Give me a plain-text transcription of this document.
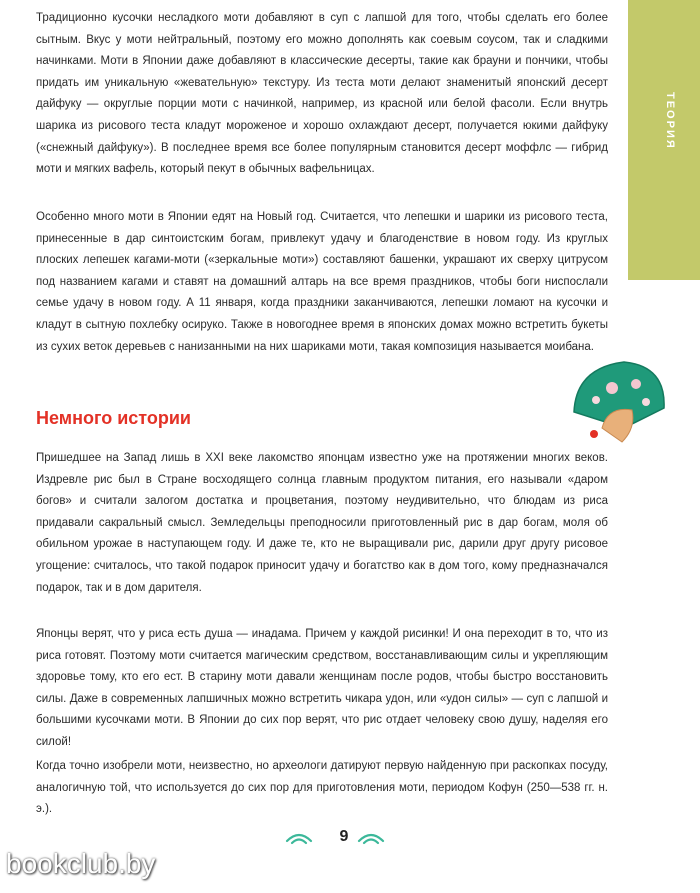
ТЕОРИЯ

Традиционно кусочки несладкого моти добавляют в суп с лапшой для того, чтобы сделать его более сытным. Вкус у моти нейтральный, поэтому его можно дополнять как соевым соусом, так и сладкими начинками. Моти в Японии даже добавляют в классические десерты, такие как брауни и пончики, чтобы придать им уникальную «жевательную» текстуру. Из теста моти делают знаменитый японский десерт дайфуку — округлые порции моти с начинкой, например, из красной или белой фасоли. Если внутрь шарика из рисового теста кладут мороженое и хорошо охлаждают десерт, получается юкими дайфуку («снежный дайфуку»). В последнее время все более популярным становится десерт моффлс — гибрид моти и мягких вафель, который пекут в обычных вафельницах.

Особенно много моти в Японии едят на Новый год. Считается, что лепешки и шарики из рисового теста, принесенные в дар синтоистским богам, привлекут удачу и благоденствие в новом году. Из круглых плоских лепешек кагами-моти («зеркальные моти») составляют башенки, украшают их сверху цитрусом под названием кагами и ставят на домашний алтарь на все время праздников, чтобы боги ниспослали семье удачу в новом году. А 11 января, когда праздники заканчиваются, лепешки ломают на кусочки и кладут в сытную похлебку осируко. Также в новогоднее время в японских домах можно встретить букеты из сухих веток деревьев с нанизанными на них шариками моти, такая композиция называется моибана.

Немного истории

Пришедшее на Запад лишь в XXI веке лакомство японцам известно уже на протяжении многих веков. Издревле рис был в Стране восходящего солнца главным продуктом питания, его называли «даром богов» и считали залогом достатка и процветания, поэтому неудивительно, что блюдам из риса придавали сакральный смысл. Земледельцы преподносили приготовленный рис в дар богам, моля об обильном урожае в наступающем году. И даже те, кто не выращивали рис, дарили друг другу рисовое угощение: считалось, что такой подарок приносит удачу и богатство как в дом того, кому предназначался подарок, так и в дом дарителя.

Японцы верят, что у риса есть душа — инадама. Причем у каждой рисинки! И она переходит в то, что из риса готовят. Поэтому моти считается магическим средством, восстанавливающим силы и укрепляющим здоровье тому, кто его ест. В старину моти давали женщинам после родов, чтобы быстро восстановить силы. Даже в современных лапшичных можно встретить чикара удон, или «удон силы» — суп с лапшой и большими кусочками моти. В Японии до сих пор верят, что рис отдает человеку свою душу, наделяя его силой!

Когда точно изобрели моти, неизвестно, но археологи датируют первую найденную при раскопках посуду, аналогичную той, что используется до сих пор для приготовления моти, периодом Кофун (250—538 гг. н. э.).

9
bookclub.by
